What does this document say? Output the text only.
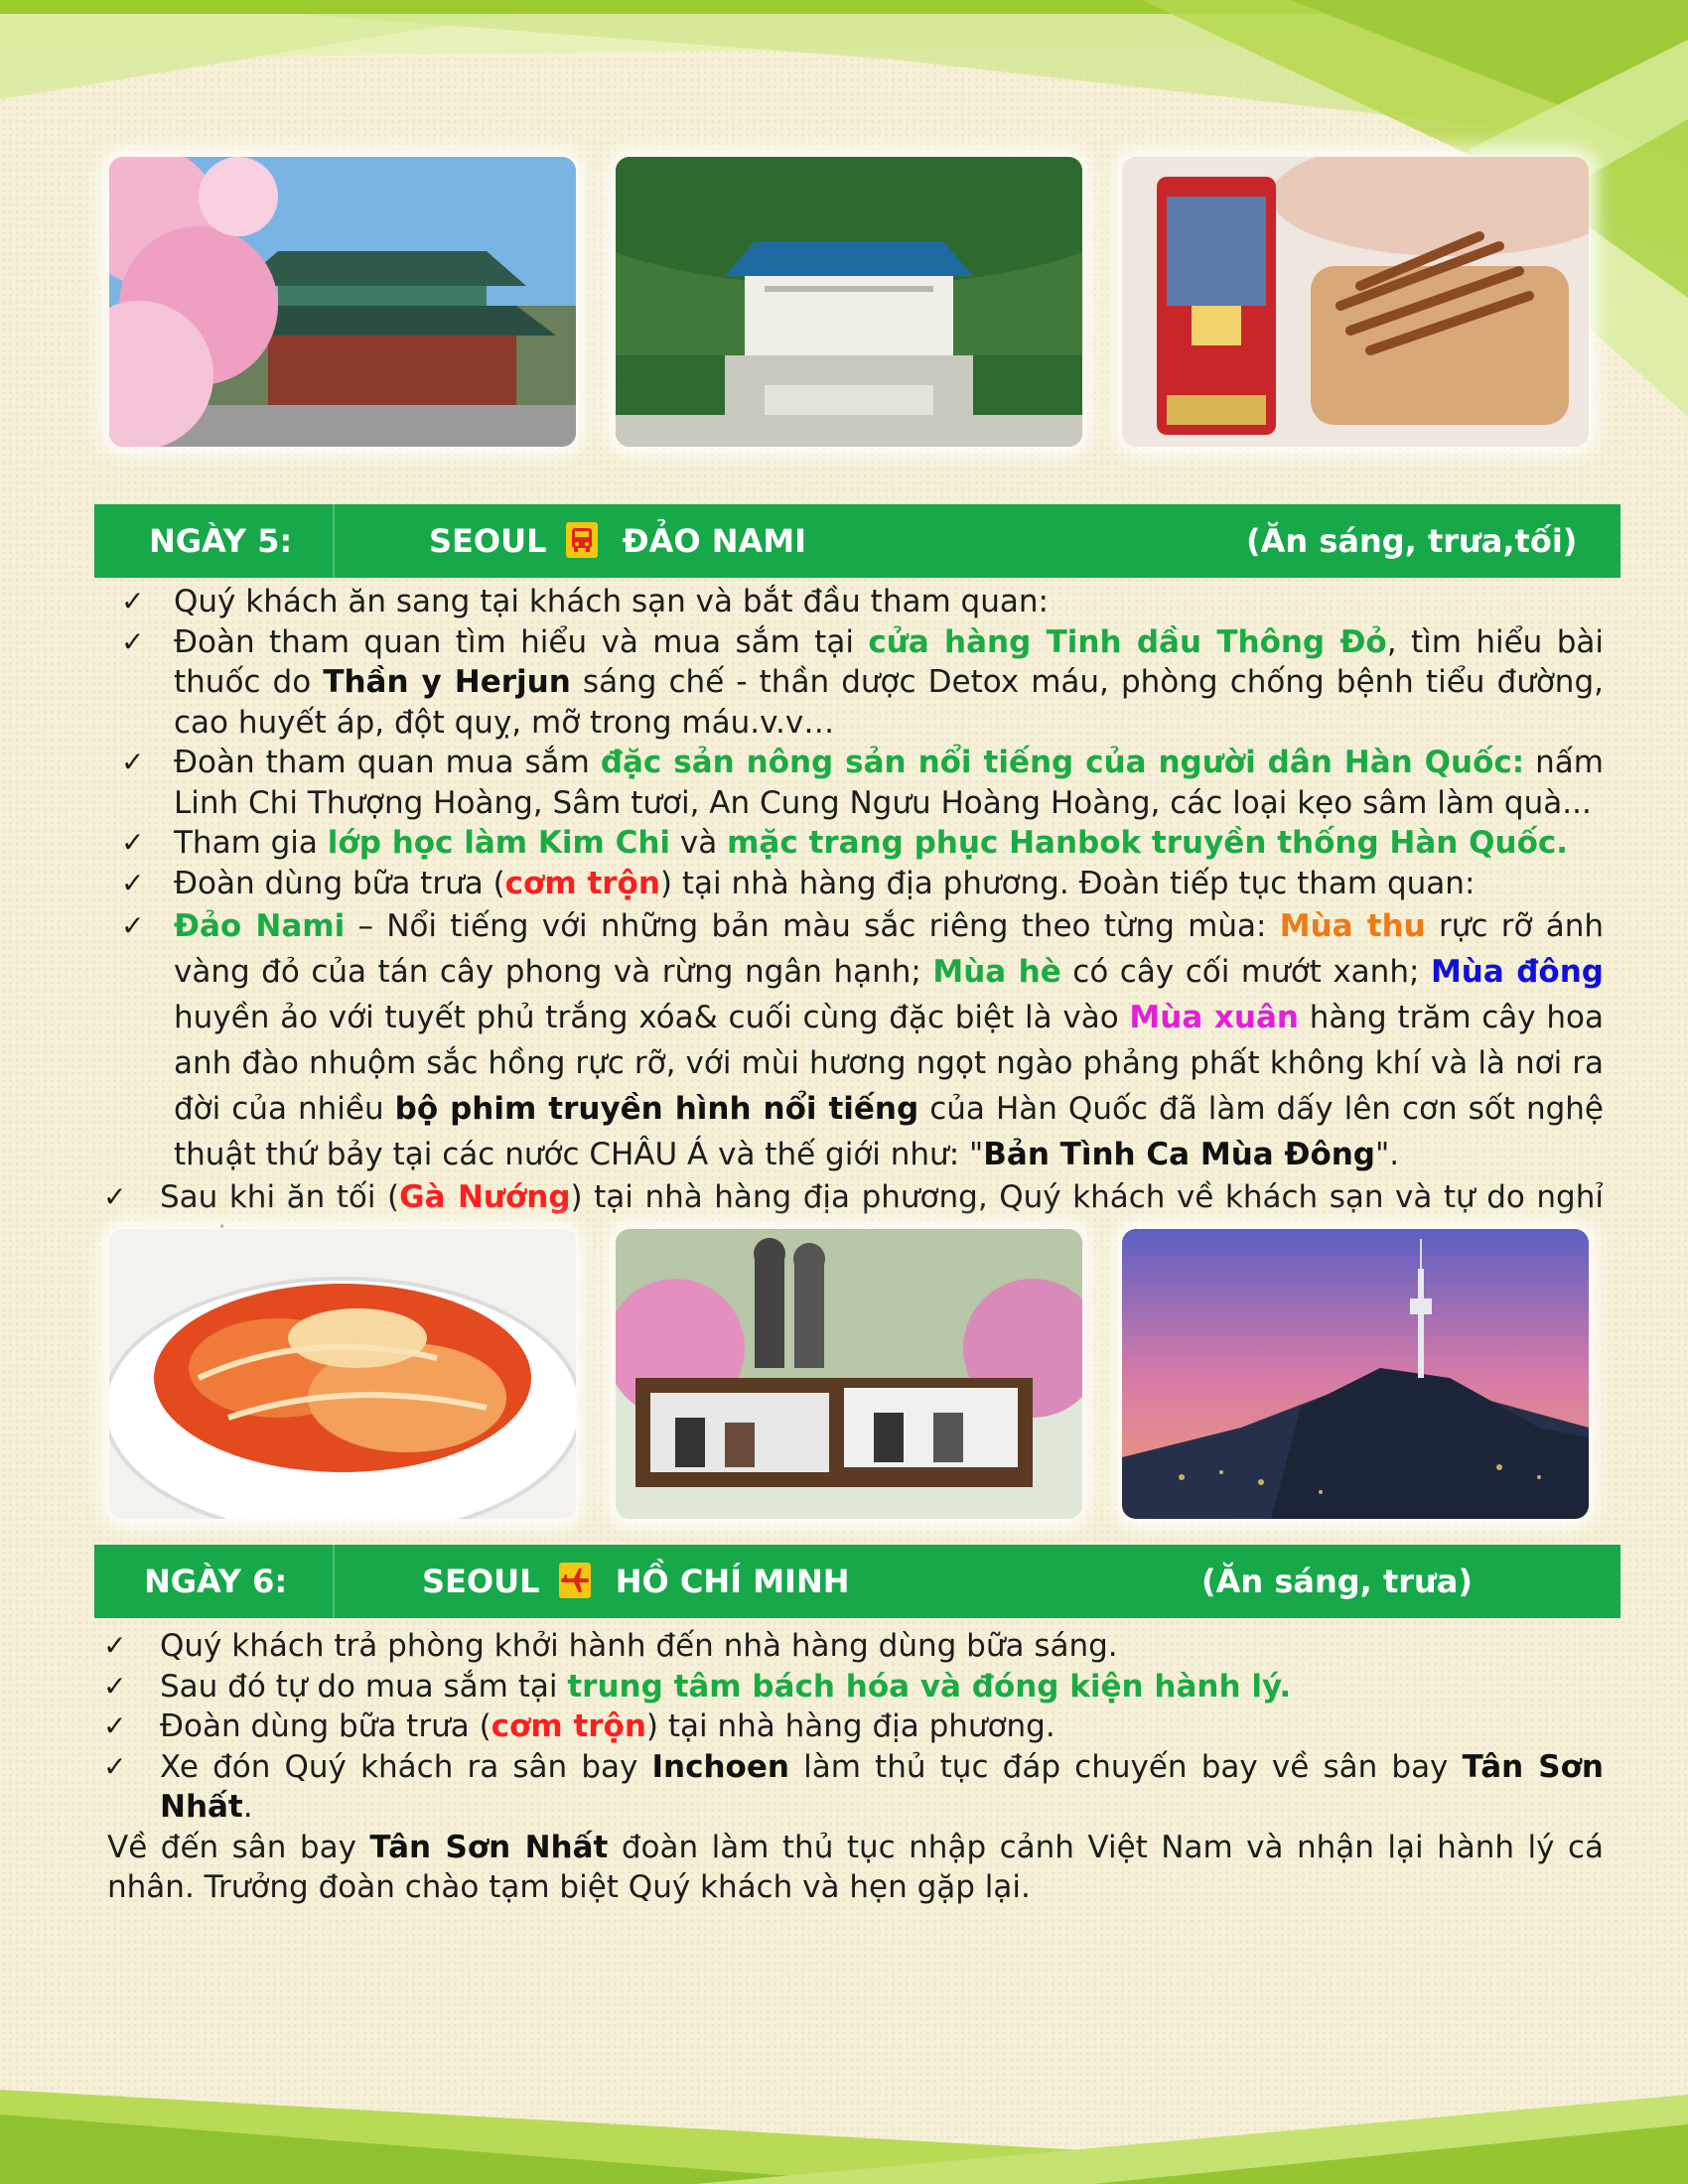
NGÀY 5:	SEOUL ĐẢO NAMI	(Ăn sáng, trưa,tối)

✓ Quý khách ăn sang tại khách sạn và bắt đầu tham quan:

✓ Đoàn tham quan tìm hiểu và mua sắm tại cửa hàng Tinh dầu Thông Đỏ, tìm hiểu bài thuốc do Thần y Herjun sáng chế - thần dược Detox máu, phòng chống bệnh tiểu đường, cao huyết áp, đột quỵ, mỡ trong máu.v.v…

✓ Đoàn tham quan mua sắm đặc sản nông sản nổi tiếng của người dân Hàn Quốc: nấm Linh Chi Thượng Hoàng, Sâm tươi, An Cung Ngưu Hoàng Hoàng, các loại kẹo sâm làm quà...

✓ Tham gia lớp học làm Kim Chi và mặc trang phục Hanbok truyền thống Hàn Quốc.

✓ Đoàn dùng bữa trưa (cơm trộn) tại nhà hàng địa phương. Đoàn tiếp tục tham quan:

✓ Đảo Nami – Nổi tiếng với những bản màu sắc riêng theo từng mùa: Mùa thu rực rỡ ánh vàng đỏ của tán cây phong và rừng ngân hạnh; Mùa hè có cây cối mướt xanh; Mùa đông huyền ảo với tuyết phủ trắng xóa& cuối cùng đặc biệt là vào Mùa xuân hàng trăm cây hoa anh đào nhuộm sắc hồng rực rỡ, với mùi hương ngọt ngào phảng phất không khí và là nơi ra đời của nhiều bộ phim truyền hình nổi tiếng của Hàn Quốc đã làm dấy lên cơn sốt nghệ thuật thứ bảy tại các nước CHÂU Á và thế giới như: "Bản Tình Ca Mùa Đông".

✓ Sau khi ăn tối (Gà Nướng) tại nhà hàng địa phương, Quý khách về khách sạn và tự do nghỉ

NGÀY 6:	SEOUL HỒ CHÍ MINH	(Ăn sáng, trưa)

✓ Quý khách trả phòng khởi hành đến nhà hàng dùng bữa sáng.

✓ Sau đó tự do mua sắm tại trung tâm bách hóa và đóng kiện hành lý.

✓ Đoàn dùng bữa trưa (cơm trộn) tại nhà hàng địa phương.

✓ Xe đón Quý khách ra sân bay Inchoen làm thủ tục đáp chuyến bay về sân bay Tân Sơn Nhất.

Về đến sân bay Tân Sơn Nhất đoàn làm thủ tục nhập cảnh Việt Nam và nhận lại hành lý cá nhân. Trưởng đoàn chào tạm biệt Quý khách và hẹn gặp lại.
